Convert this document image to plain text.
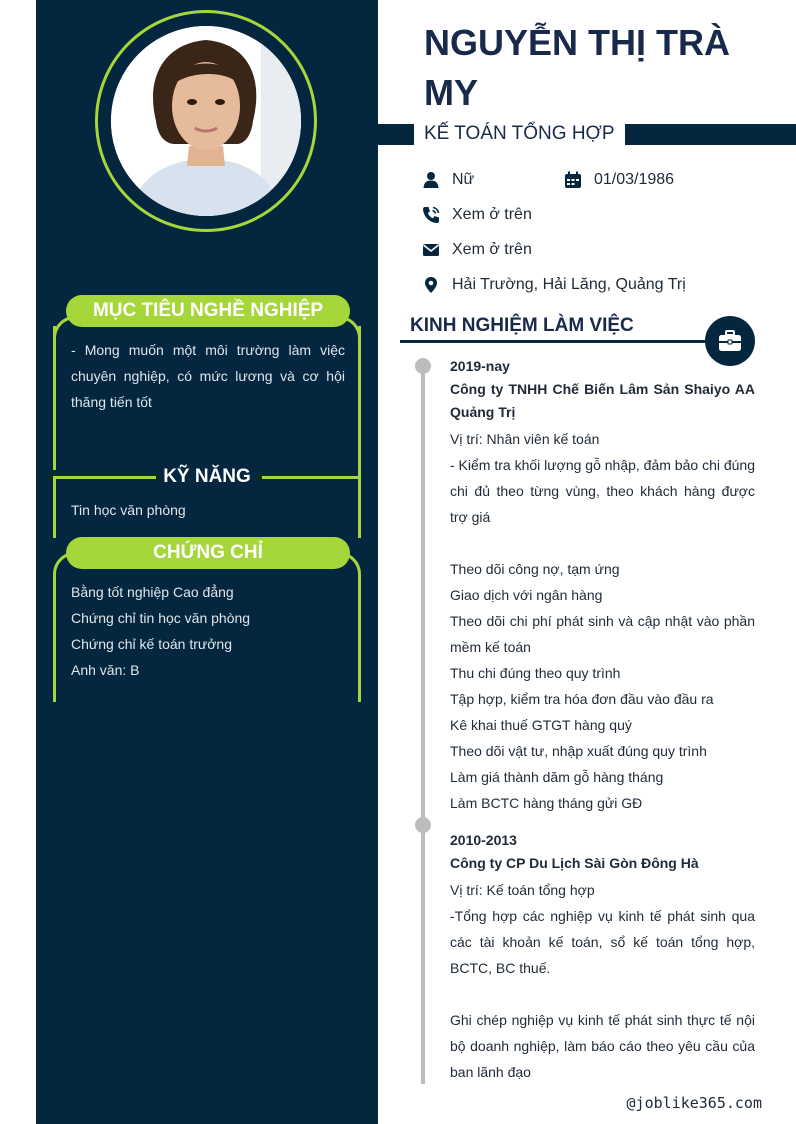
MỤC TIÊU NGHỀ NGHIỆP
- Mong muốn một môi trường làm việc chuyên nghiệp, có mức lương và cơ hội thăng tiến tốt
KỸ NĂNG
Tin học văn phòng
CHỨNG CHỈ
Bằng tốt nghiệp Cao đẳng
Chứng chỉ tin học văn phòng
Chứng chỉ kế toán trưởng
Anh văn: B
NGUYỄN THỊ TRÀ
MY
KẾ TOÁN TỔNG HỢP
Nữ	01/03/1986
Xem ở trên
Xem ở trên
Hải Trường, Hải Lăng, Quảng Trị
KINH NGHIỆM LÀM VIỆC
2019-nay
Công ty TNHH Chế Biến Lâm Sản Shaiyo AA Quảng Trị
Vị trí: Nhân viên kế toán
- Kiểm tra khối lượng gỗ nhập, đảm bảo chi đúng chi đủ theo từng vùng, theo khách hàng được trợ giá
Theo dõi công nợ, tạm ứng
Giao dịch với ngân hàng
Theo dõi chi phí phát sinh và cập nhật vào phần mềm kế toán
Thu chi đúng theo quy trình
Tập hợp, kiểm tra hóa đơn đầu vào đầu ra
Kê khai thuế GTGT hàng quý
Theo dõi vật tư, nhập xuất đúng quy trình
Làm giá thành dăm gỗ hàng tháng
Làm BCTC hàng tháng gửi GĐ
2010-2013
Công ty CP Du Lịch Sài Gòn Đông Hà
Vị trí: Kế toán tổng hợp
-Tổng hợp các nghiệp vụ kinh tế phát sinh qua các tài khoản kế toán, sổ kế toán tổng hợp, BCTC, BC thuế.
Ghi chép nghiệp vụ kinh tế phát sinh thực tế nội bộ doanh nghiệp, làm báo cáo theo yêu cầu của ban lãnh đạo
@joblike365.com
